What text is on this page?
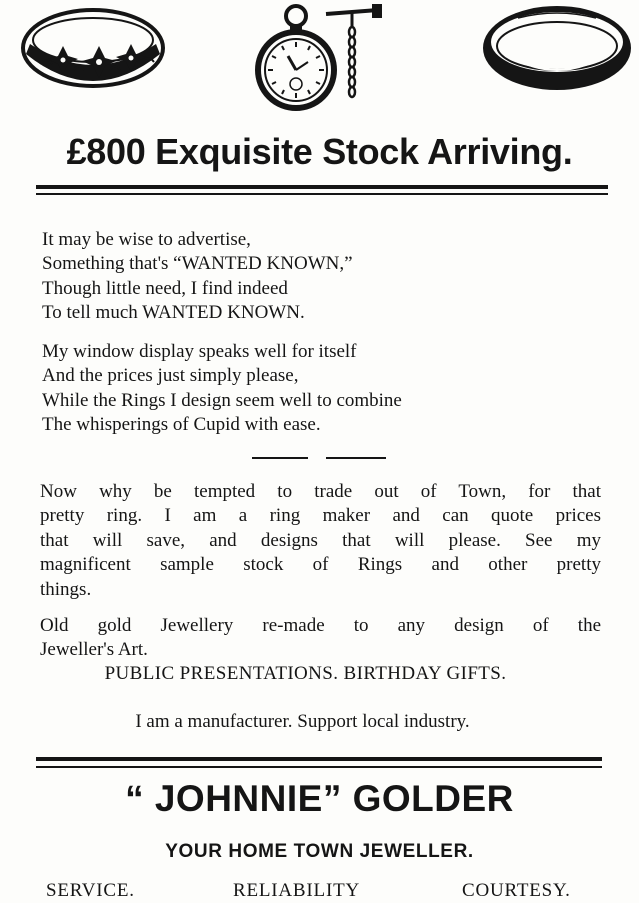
£800 Exquisite Stock Arriving.
It may be wise to advertise,
Something that's “WANTED KNOWN,”
Though little need, I find indeed
To tell much WANTED KNOWN.
My window display speaks well for itself
And the prices just simply please,
While the Rings I design seem well to combine
The whisperings of Cupid with ease.
Now why be tempted to trade out of Town, for that
pretty ring. I am a ring maker and can quote prices
that will save, and designs that will please. See my
magnificent sample stock of Rings and other pretty
things.
Old gold Jewellery re-made to any design of the
Jeweller's Art.
PUBLIC PRESENTATIONS. BIRTHDAY GIFTS.
I am a manufacturer. Support local industry.
“ JOHNNIE” GOLDER
YOUR HOME TOWN JEWELLER.
SERVICE.	RELIABILITY	COURTESY.
